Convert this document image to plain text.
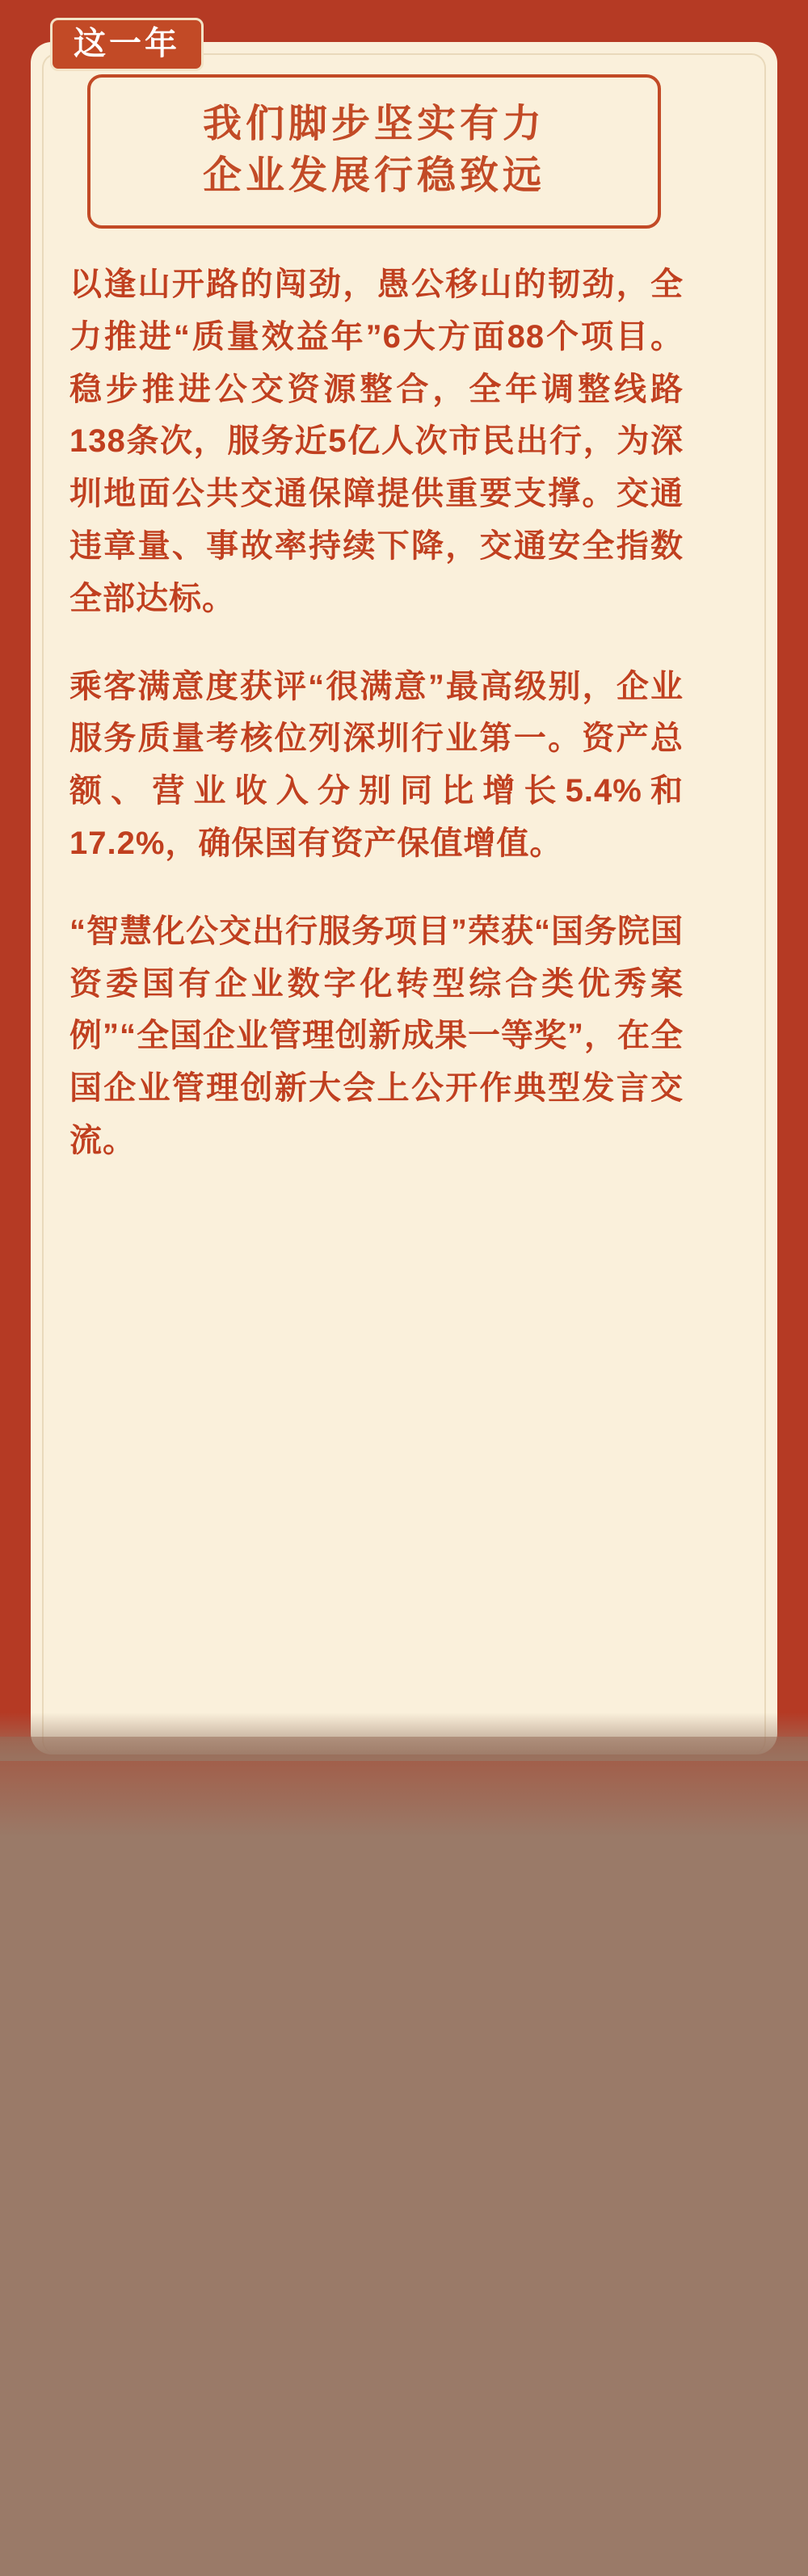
这一年
我们脚步坚实有力
企业发展行稳致远

以逢山开路的闯劲，愚公移山的韧劲，全力推进“质量效益年”6大方面88个项目。稳步推进公交资源整合，全年调整线路138条次，服务近5亿人次市民出行，为深圳地面公共交通保障提供重要支撑。交通违章量、事故率持续下降，交通安全指数全部达标。

乘客满意度获评“很满意”最高级别，企业服务质量考核位列深圳行业第一。资产总额、营业收入分别同比增长5.4%和17.2%，确保国有资产保值增值。

“智慧化公交出行服务项目”荣获“国务院国资委国有企业数字化转型综合类优秀案例”“全国企业管理创新成果一等奖”，在全国企业管理创新大会上公开作典型发言交流。
